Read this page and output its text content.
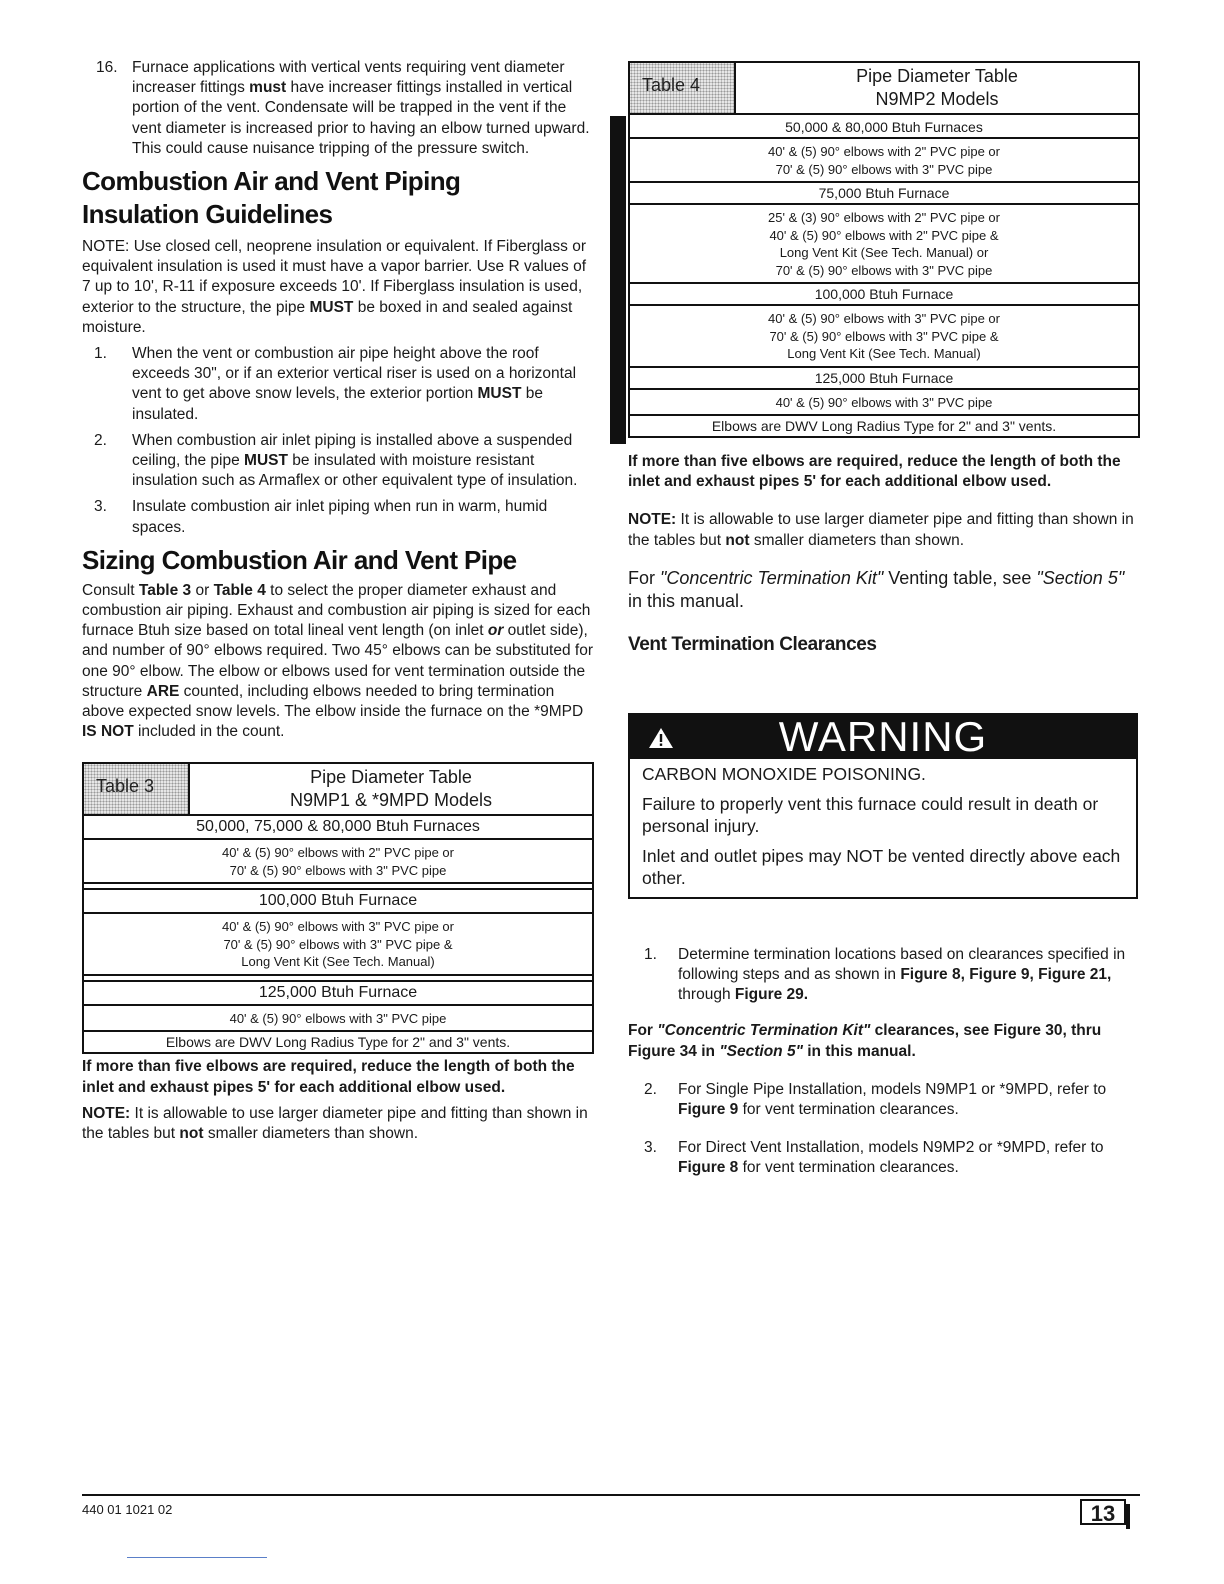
16. Furnace applications with vertical vents requiring vent diameter increaser fittings must have increaser fittings installed in vertical portion of the vent. Condensate will be trapped in the vent if the vent diameter is increased prior to having an elbow turned upward. This could cause nuisance tripping of the pressure switch.
Combustion Air and Vent Piping Insulation Guidelines

NOTE: Use closed cell, neoprene insulation or equivalent. If Fiberglass or equivalent insulation is used it must have a vapor barrier. Use R values of 7 up to 10', R-11 if exposure exceeds 10'. If Fiberglass insulation is used, exterior to the structure, the pipe MUST be boxed in and sealed against moisture.

1. When the vent or combustion air pipe height above the roof exceeds 30", or if an exterior vertical riser is used on a horizontal vent to get above snow levels, the exterior portion MUST be insulated.
2. When combustion air inlet piping is installed above a suspended ceiling, the pipe MUST be insulated with moisture resistant insulation such as Armaflex or other equivalent type of insulation.
3. Insulate combustion air inlet piping when run in warm, humid spaces.
Sizing Combustion Air and Vent Pipe

Consult Table 3 or Table 4 to select the proper diameter exhaust and combustion air piping. Exhaust and combustion air piping is sized for each furnace Btuh size based on total lineal vent length (on inlet or outlet side), and number of 90° elbows required. Two 45° elbows can be substituted for one 90° elbow. The elbow or elbows used for vent termination outside the structure ARE counted, including elbows needed to bring termination above expected snow levels. The elbow inside the furnace on the *9MPD IS NOT included in the count.

Table 3	Pipe Diameter Table
N9MP1 & *9MPD Models
50,000, 75,000 & 80,000 Btuh Furnaces
40' & (5) 90° elbows with 2" PVC pipe or
70' & (5) 90° elbows with 3" PVC pipe
100,000 Btuh Furnace
40' & (5) 90° elbows with 3" PVC pipe or
70' & (5) 90° elbows with 3" PVC pipe &
Long Vent Kit (See Tech. Manual)
125,000 Btuh Furnace
40' & (5) 90° elbows with 3" PVC pipe
Elbows are DWV Long Radius Type for 2" and 3" vents.

If more than five elbows are required, reduce the length of both the inlet and exhaust pipes 5' for each additional elbow used.

NOTE: It is allowable to use larger diameter pipe and fitting than shown in the tables but not smaller diameters than shown.

Table 4	Pipe Diameter Table
N9MP2 Models
50,000 & 80,000 Btuh Furnaces
40' & (5) 90° elbows with 2" PVC pipe or
70' & (5) 90° elbows with 3" PVC pipe
75,000 Btuh Furnace
25' & (3) 90° elbows with 2" PVC pipe or
40' & (5) 90° elbows with 2" PVC pipe &
Long Vent Kit (See Tech. Manual) or
70' & (5) 90° elbows with 3" PVC pipe
100,000 Btuh Furnace
40' & (5) 90° elbows with 3" PVC pipe or
70' & (5) 90° elbows with 3" PVC pipe &
Long Vent Kit (See Tech. Manual)
125,000 Btuh Furnace
40' & (5) 90° elbows with 3" PVC pipe
Elbows are DWV Long Radius Type for 2" and 3" vents.

If more than five elbows are required, reduce the length of both the inlet and exhaust pipes 5' for each additional elbow used.

NOTE: It is allowable to use larger diameter pipe and fitting than shown in the tables but not smaller diameters than shown.

For "Concentric Termination Kit" Venting table, see "Section 5" in this manual.

Vent Termination Clearances
WARNING

CARBON MONOXIDE POISONING.

Failure to properly vent this furnace could result in death or personal injury.

Inlet and outlet pipes may NOT be vented directly above each other.

1. Determine termination locations based on clearances specified in following steps and as shown in Figure 8, Figure 9, Figure 21, through Figure 29.

For "Concentric Termination Kit" clearances, see Figure 30, thru Figure 34 in "Section 5" in this manual.

2. For Single Pipe Installation, models N9MP1 or *9MPD, refer to Figure 9 for vent termination clearances.
3. For Direct Vent Installation, models N9MP2 or *9MPD, refer to Figure 8 for vent termination clearances.
440 01 1021 02	13
